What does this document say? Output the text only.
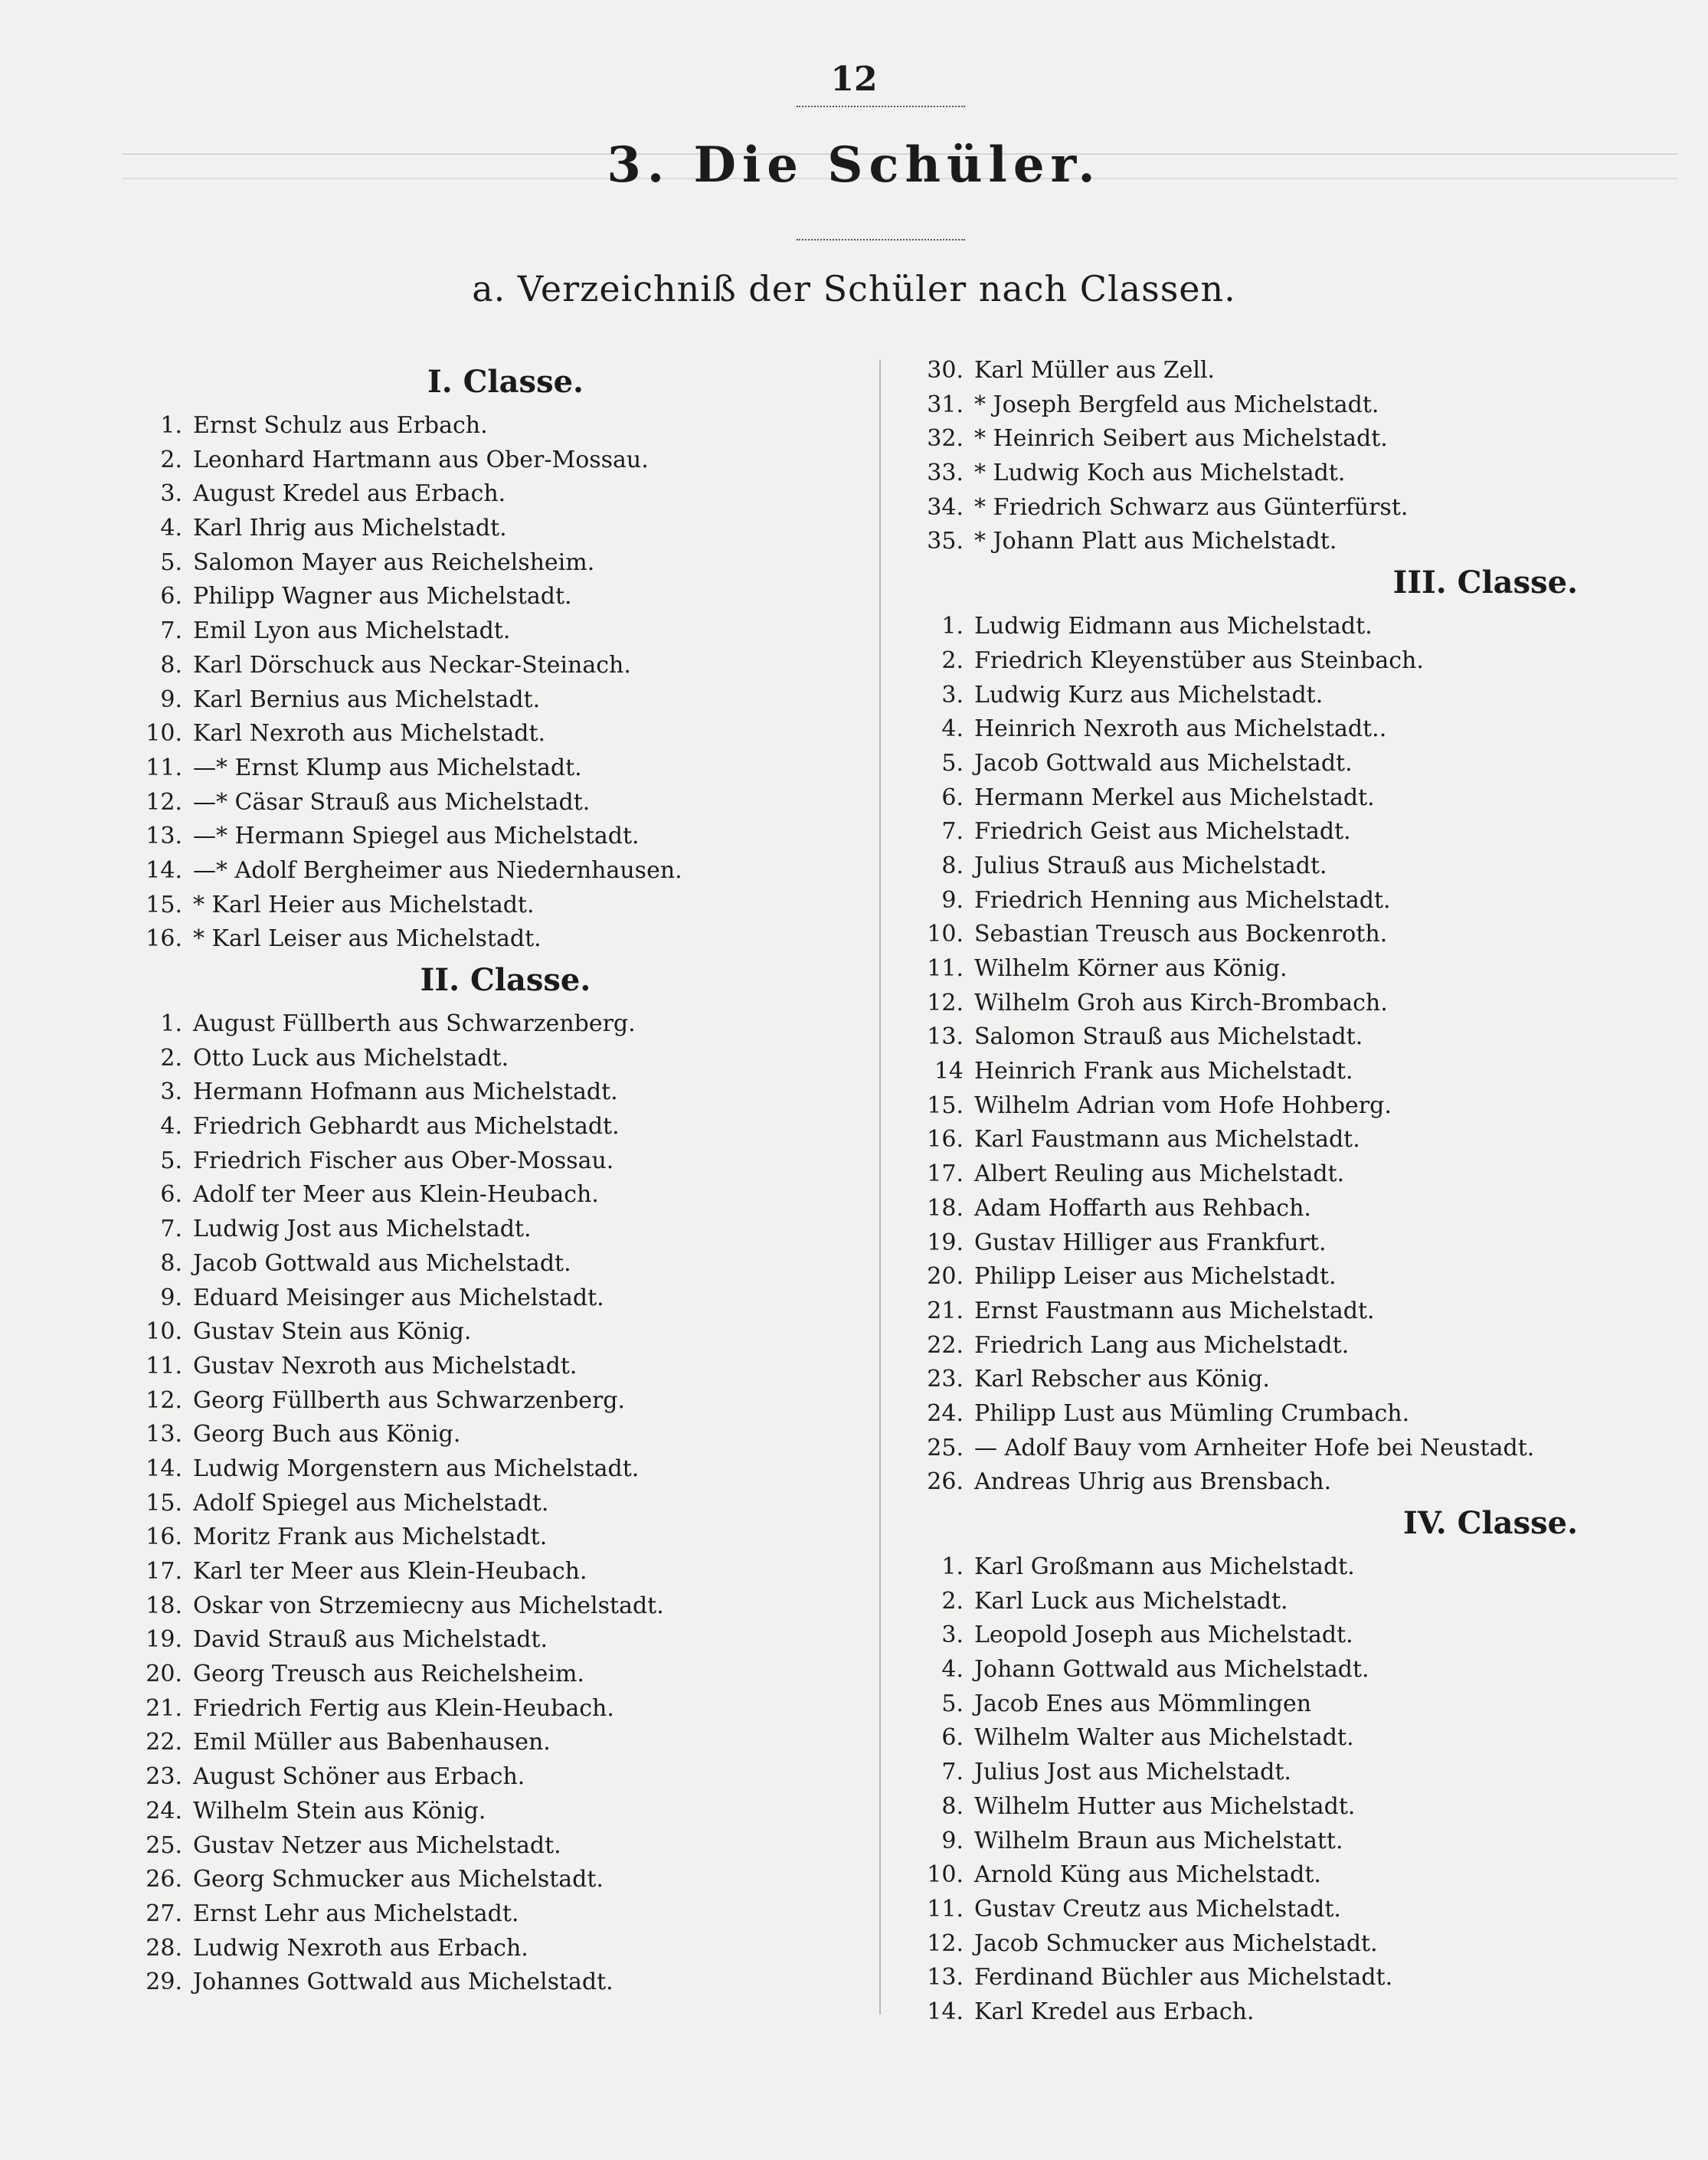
12
3. Die Schüler.
a. Verzeichniß der Schüler nach Classen.
I. Classe.
1. Ernst Schulz aus Erbach.
2. Leonhard Hartmann aus Ober-Mossau.
3. August Kredel aus Erbach.
4. Karl Ihrig aus Michelstadt.
5. Salomon Mayer aus Reichelsheim.
6. Philipp Wagner aus Michelstadt.
7. Emil Lyon aus Michelstadt.
8. Karl Dörschuck aus Neckar-Steinach.
9. Karl Bernius aus Michelstadt.
10. Karl Nexroth aus Michelstadt.
11. —* Ernst Klump aus Michelstadt.
12. —* Cäsar Strauß aus Michelstadt.
13. —* Hermann Spiegel aus Michelstadt.
14. —* Adolf Bergheimer aus Niedernhausen.
15. * Karl Heier aus Michelstadt.
16. * Karl Leiser aus Michelstadt.
II. Classe.
1. August Füllberth aus Schwarzenberg.
2. Otto Luck aus Michelstadt.
3. Hermann Hofmann aus Michelstadt.
4. Friedrich Gebhardt aus Michelstadt.
5. Friedrich Fischer aus Ober-Mossau.
6. Adolf ter Meer aus Klein-Heubach.
7. Ludwig Jost aus Michelstadt.
8. Jacob Gottwald aus Michelstadt.
9. Eduard Meisinger aus Michelstadt.
10. Gustav Stein aus König.
11. Gustav Nexroth aus Michelstadt.
12. Georg Füllberth aus Schwarzenberg.
13. Georg Buch aus König.
14. Ludwig Morgenstern aus Michelstadt.
15. Adolf Spiegel aus Michelstadt.
16. Moritz Frank aus Michelstadt.
17. Karl ter Meer aus Klein-Heubach.
18. Oskar von Strzemiecny aus Michelstadt.
19. David Strauß aus Michelstadt.
20. Georg Treusch aus Reichelsheim.
21. Friedrich Fertig aus Klein-Heubach.
22. Emil Müller aus Babenhausen.
23. August Schöner aus Erbach.
24. Wilhelm Stein aus König.
25. Gustav Netzer aus Michelstadt.
26. Georg Schmucker aus Michelstadt.
27. Ernst Lehr aus Michelstadt.
28. Ludwig Nexroth aus Erbach.
29. Johannes Gottwald aus Michelstadt.
30. Karl Müller aus Zell.
31. * Joseph Bergfeld aus Michelstadt.
32. * Heinrich Seibert aus Michelstadt.
33. * Ludwig Koch aus Michelstadt.
34. * Friedrich Schwarz aus Günterfürst.
35. * Johann Platt aus Michelstadt.
III. Classe.
1. Ludwig Eidmann aus Michelstadt.
2. Friedrich Kleyenstüber aus Steinbach.
3. Ludwig Kurz aus Michelstadt.
4. Heinrich Nexroth aus Michelstadt..
5. Jacob Gottwald aus Michelstadt.
6. Hermann Merkel aus Michelstadt.
7. Friedrich Geist aus Michelstadt.
8. Julius Strauß aus Michelstadt.
9. Friedrich Henning aus Michelstadt.
10. Sebastian Treusch aus Bockenroth.
11. Wilhelm Körner aus König.
12. Wilhelm Groh aus Kirch-Brombach.
13. Salomon Strauß aus Michelstadt.
14 Heinrich Frank aus Michelstadt.
15. Wilhelm Adrian vom Hofe Hohberg.
16. Karl Faustmann aus Michelstadt.
17. Albert Reuling aus Michelstadt.
18. Adam Hoffarth aus Rehbach.
19. Gustav Hilliger aus Frankfurt.
20. Philipp Leiser aus Michelstadt.
21. Ernst Faustmann aus Michelstadt.
22. Friedrich Lang aus Michelstadt.
23. Karl Rebscher aus König.
24. Philipp Lust aus Mümling Crumbach.
25. — Adolf Bauy vom Arnheiter Hofe bei Neustadt.
26. Andreas Uhrig aus Brensbach.
IV. Classe.
1. Karl Großmann aus Michelstadt.
2. Karl Luck aus Michelstadt.
3. Leopold Joseph aus Michelstadt.
4. Johann Gottwald aus Michelstadt.
5. Jacob Enes aus Mömmlingen
6. Wilhelm Walter aus Michelstadt.
7. Julius Jost aus Michelstadt.
8. Wilhelm Hutter aus Michelstadt.
9. Wilhelm Braun aus Michelstatt.
10. Arnold Küng aus Michelstadt.
11. Gustav Creutz aus Michelstadt.
12. Jacob Schmucker aus Michelstadt.
13. Ferdinand Büchler aus Michelstadt.
14. Karl Kredel aus Erbach.
